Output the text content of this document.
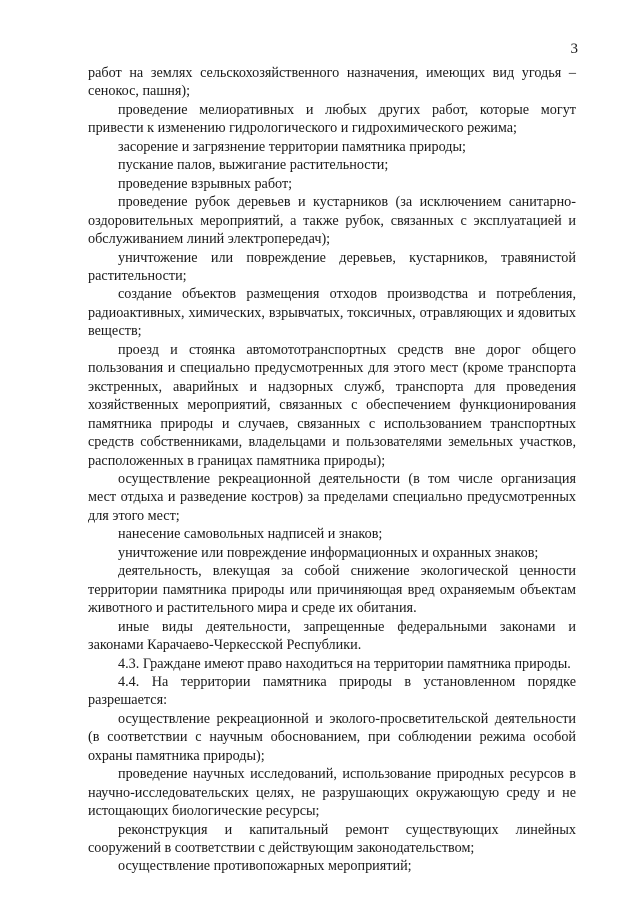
3

работ на землях сельскохозяйственного назначения, имеющих вид угодья – сенокос, пашня);

проведение мелиоративных и любых других работ, которые могут привести к изменению гидрологического и гидрохимического режима;

засорение и загрязнение территории памятника природы;

пускание палов, выжигание растительности;

проведение взрывных работ;

проведение рубок деревьев и кустарников (за исключением санитарно-оздоровительных мероприятий, а также рубок, связанных с эксплуатацией и обслуживанием линий электропередач);

уничтожение или повреждение деревьев, кустарников, травянистой растительности;

создание объектов размещения отходов производства и потребления, радиоактивных, химических, взрывчатых, токсичных, отравляющих и ядовитых веществ;

проезд и стоянка автомототранспортных средств вне дорог общего пользования и специально предусмотренных для этого мест (кроме транспорта экстренных, аварийных и надзорных служб, транспорта для проведения хозяйственных мероприятий, связанных с обеспечением функционирования памятника природы и случаев, связанных с использованием транспортных средств собственниками, владельцами и пользователями земельных участков, расположенных в границах памятника природы);

осуществление рекреационной деятельности (в том числе организация мест отдыха и разведение костров) за пределами специально предусмотренных для этого мест;

нанесение самовольных надписей и знаков;

уничтожение или повреждение информационных и охранных знаков;

деятельность, влекущая за собой снижение экологической ценности территории памятника природы или причиняющая вред охраняемым объектам животного и растительного мира и среде их обитания.

иные виды деятельности, запрещенные федеральными законами и законами Карачаево-Черкесской Республики.

4.3. Граждане имеют право находиться на территории памятника природы.

4.4. На территории памятника природы в установленном порядке разрешается:

осуществление рекреационной и эколого-просветительской деятельности (в соответствии с научным обоснованием, при соблюдении режима особой охраны памятника природы);

проведение научных исследований, использование природных ресурсов в научно-исследовательских целях, не разрушающих окружающую среду и не истощающих биологические ресурсы;

реконструкция и капитальный ремонт существующих линейных сооружений в соответствии с действующим законодательством;

осуществление противопожарных мероприятий;
